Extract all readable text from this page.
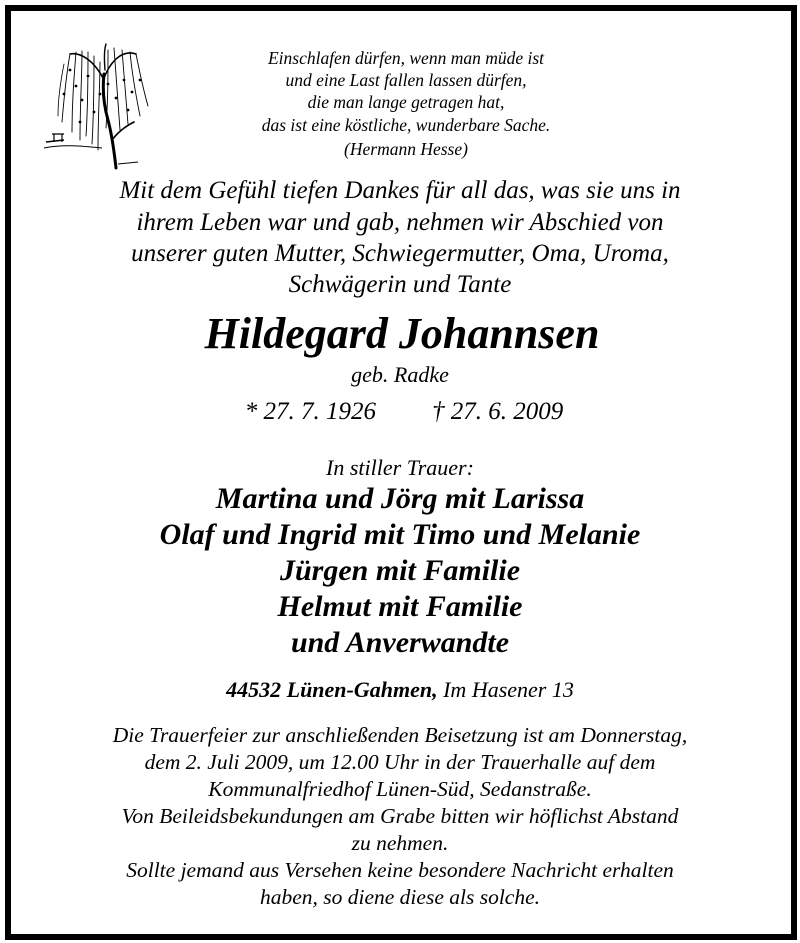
Einschlafen dürfen, wenn man müde ist
und eine Last fallen lassen dürfen,
die man lange getragen hat,
das ist eine köstliche, wunderbare Sache.
(Hermann Hesse)
Mit dem Gefühl tiefen Dankes für all das, was sie uns in
ihrem Leben war und gab, nehmen wir Abschied von
unserer guten Mutter, Schwiegermutter, Oma, Uroma,
Schwägerin und Tante
Hildegard Johannsen
geb. Radke
* 27. 7. 1926 † 27. 6. 2009
In stiller Trauer:
Martina und Jörg mit Larissa
Olaf und Ingrid mit Timo und Melanie
Jürgen mit Familie
Helmut mit Familie
und Anverwandte
44532 Lünen-Gahmen, Im Hasener 13
Die Trauerfeier zur anschließenden Beisetzung ist am Donnerstag,
dem 2. Juli 2009, um 12.00 Uhr in der Trauerhalle auf dem
Kommunalfriedhof Lünen-Süd, Sedanstraße.
Von Beileidsbekundungen am Grabe bitten wir höflichst Abstand
zu nehmen.
Sollte jemand aus Versehen keine besondere Nachricht erhalten
haben, so diene diese als solche.
